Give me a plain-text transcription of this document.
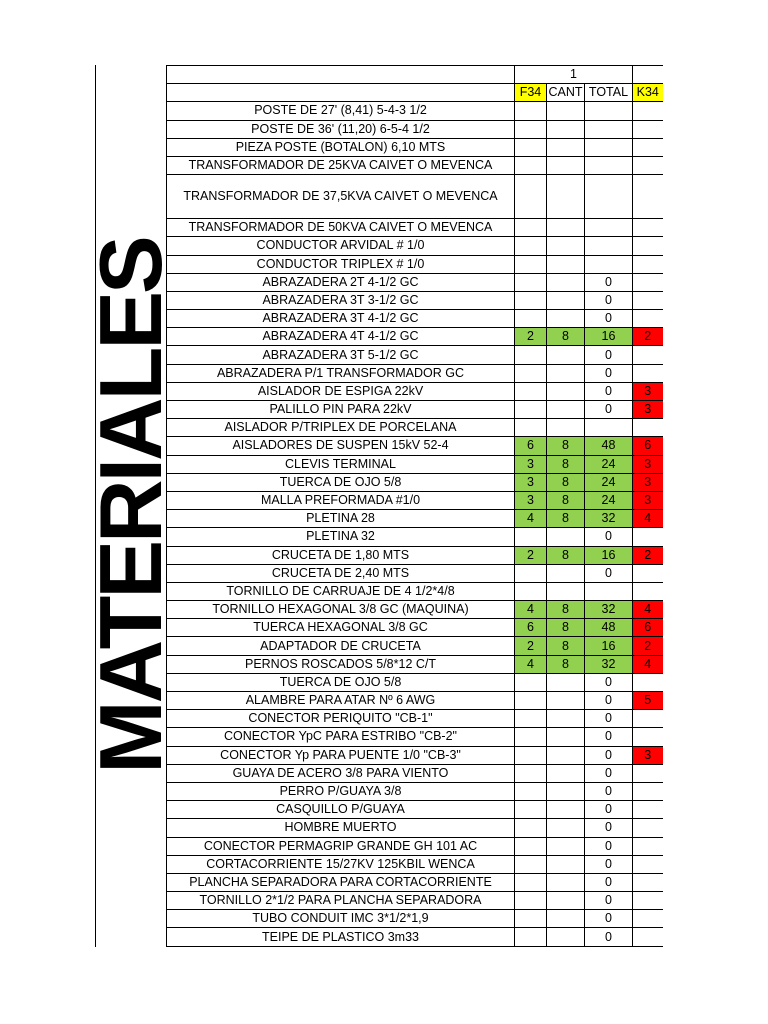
MATERIALES
	1			
	F34	CANT	TOTAL	K34
POSTE DE 27' (8,41) 5-4-3 1/2				
POSTE DE 36' (11,20) 6-5-4 1/2				
PIEZA POSTE (BOTALON) 6,10 MTS				
TRANSFORMADOR DE 25KVA CAIVET O MEVENCA				
TRANSFORMADOR DE 37,5KVA CAIVET O MEVENCA				
TRANSFORMADOR DE 50KVA CAIVET O MEVENCA				
CONDUCTOR ARVIDAL # 1/0				
CONDUCTOR TRIPLEX # 1/0				
ABRAZADERA 2T 4-1/2 GC			0	
ABRAZADERA 3T 3-1/2 GC			0	
ABRAZADERA 3T 4-1/2 GC			0	
ABRAZADERA 4T 4-1/2 GC	2	8	16	2
ABRAZADERA 3T 5-1/2 GC			0	
ABRAZADERA P/1 TRANSFORMADOR GC			0	
AISLADOR DE ESPIGA 22kV			0	3
PALILLO PIN PARA 22kV			0	3
AISLADOR P/TRIPLEX DE PORCELANA				
AISLADORES DE SUSPEN 15kV 52-4	6	8	48	6
CLEVIS TERMINAL	3	8	24	3
TUERCA DE OJO 5/8	3	8	24	3
MALLA PREFORMADA #1/0	3	8	24	3
PLETINA 28	4	8	32	4
PLETINA 32			0	
CRUCETA DE 1,80 MTS	2	8	16	2
CRUCETA DE 2,40 MTS			0	
TORNILLO DE CARRUAJE DE 4 1/2*4/8				
TORNILLO HEXAGONAL 3/8 GC (MAQUINA)	4	8	32	4
TUERCA HEXAGONAL 3/8 GC	6	8	48	6
ADAPTADOR DE CRUCETA	2	8	16	2
PERNOS ROSCADOS 5/8*12 C/T	4	8	32	4
TUERCA DE OJO 5/8			0	
ALAMBRE PARA ATAR Nº 6 AWG			0	5
CONECTOR PERIQUITO "CB-1"			0	
CONECTOR YpC PARA ESTRIBO "CB-2"			0	
CONECTOR Yp PARA PUENTE 1/0 "CB-3"			0	3
GUAYA DE ACERO 3/8 PARA VIENTO			0	
PERRO P/GUAYA 3/8			0	
CASQUILLO P/GUAYA			0	
HOMBRE MUERTO			0	
CONECTOR PERMAGRIP GRANDE GH 101 AC			0	
CORTACORRIENTE 15/27KV 125KBIL WENCA			0	
PLANCHA SEPARADORA PARA CORTACORRIENTE			0	
TORNILLO 2*1/2 PARA PLANCHA SEPARADORA			0	
TUBO CONDUIT IMC 3*1/2*1,9			0	
TEIPE DE PLASTICO 3m33			0	
